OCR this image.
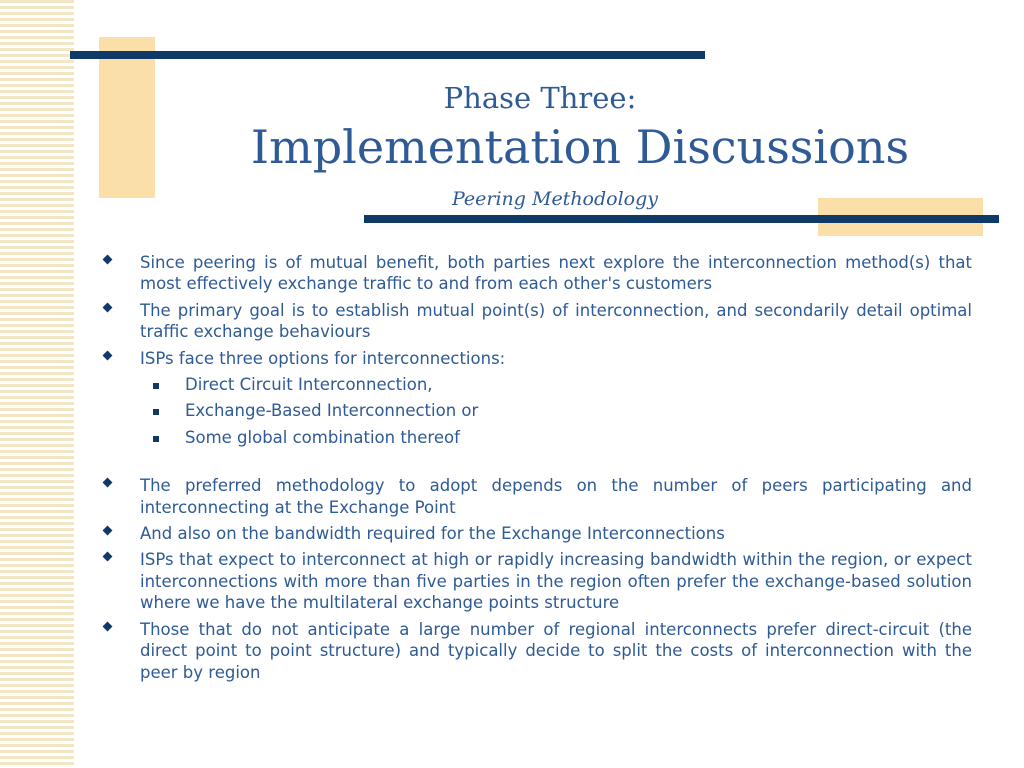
Phase Three:
Implementation Discussions
Peering Methodology
Since peering is of mutual benefit, both parties next explore the interconnection method(s) that most effectively exchange traffic to and from each other's customers
The primary goal is to establish mutual point(s) of interconnection, and secondarily detail optimal traffic exchange behaviours
ISPs face three options for interconnections:
Direct Circuit Interconnection,
Exchange-Based Interconnection or
Some global combination thereof
The preferred methodology to adopt depends on the number of peers participating and interconnecting at the Exchange Point
And also on the bandwidth required for the Exchange Interconnections
ISPs that expect to interconnect at high or rapidly increasing bandwidth within the region, or expect interconnections with more than five parties in the region often prefer the exchange-based solution where we have the multilateral exchange points structure
Those that do not anticipate a large number of regional interconnects prefer direct-circuit (the direct point to point structure) and typically decide to split the costs of interconnection with the peer by region
